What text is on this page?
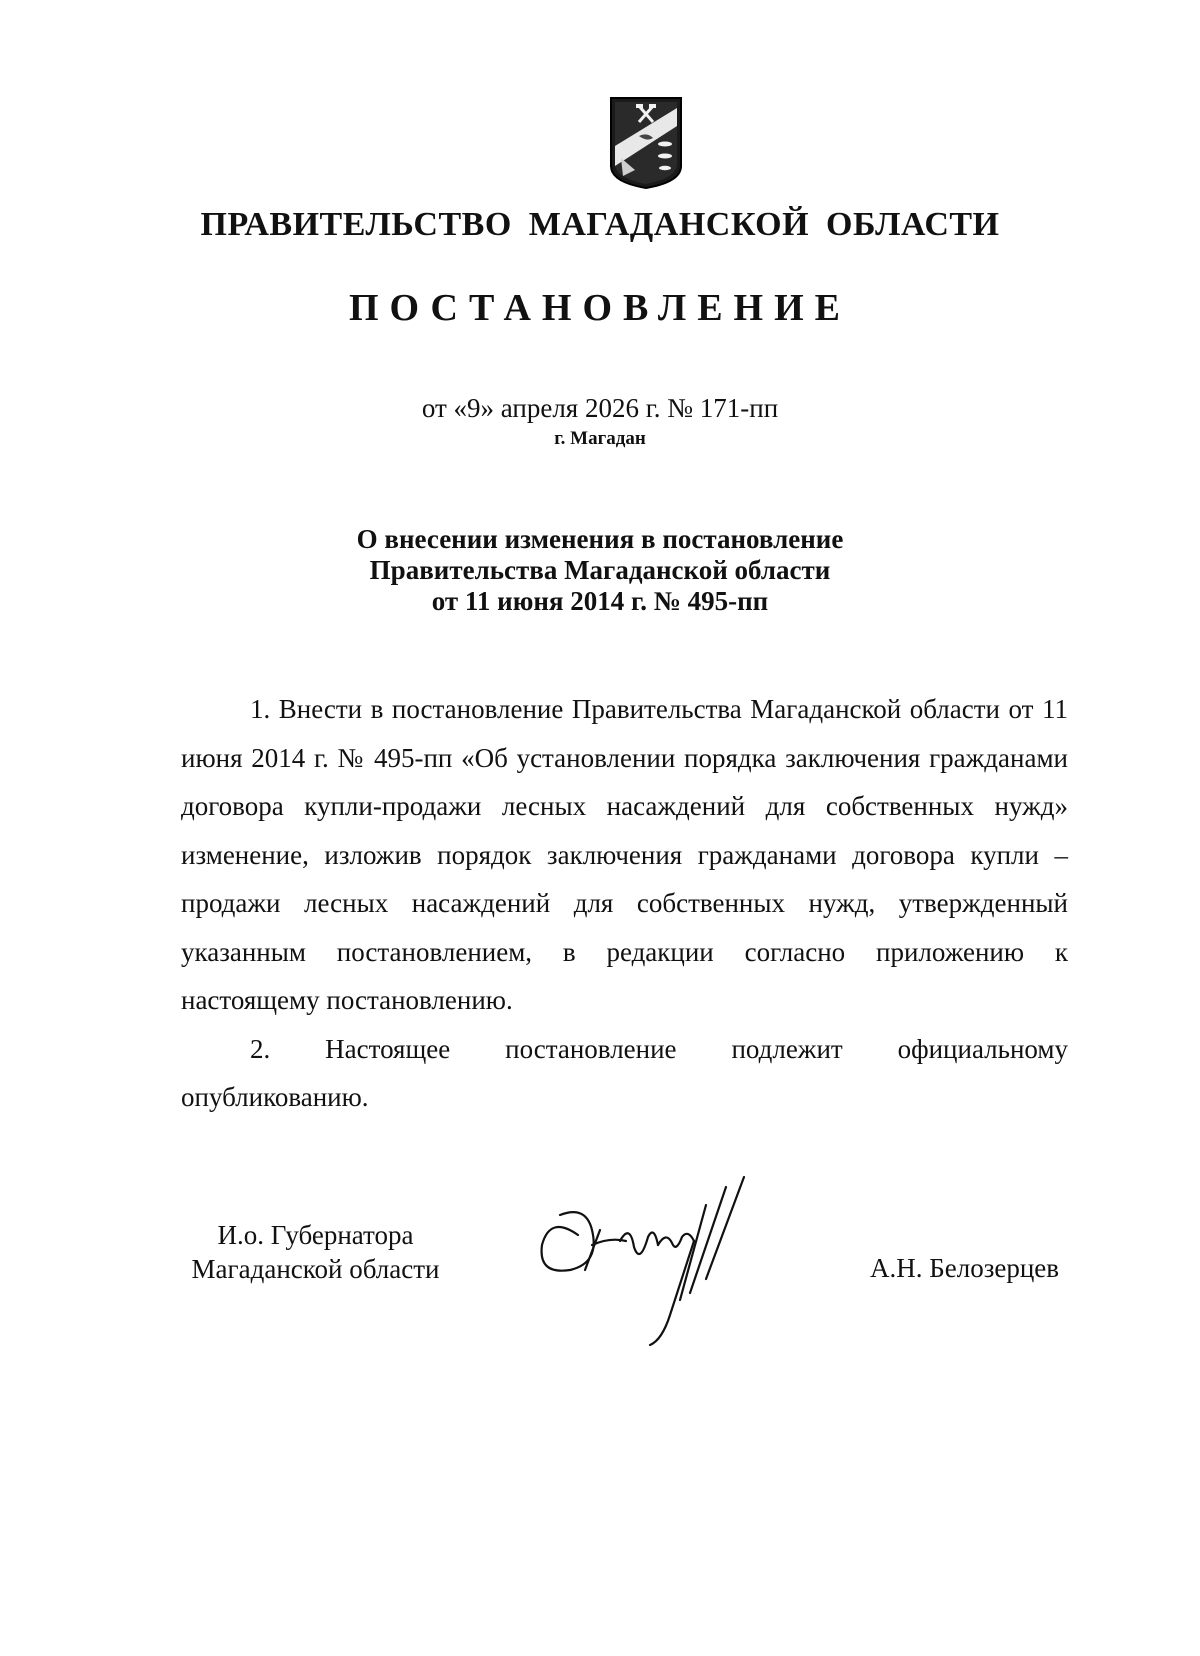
ПРАВИТЕЛЬСТВО МАГАДАНСКОЙ ОБЛАСТИ
ПОСТАНОВЛЕНИЕ
от «9» апреля 2026 г. № 171-пп
г. Магадан
О внесении изменения в постановление
Правительства Магаданской области
от 11 июня 2014 г. № 495-пп

1. Внести в постановление Правительства Магаданской области от 11 июня 2014 г. № 495-пп «Об установлении порядка заключения гражданами договора купли-продажи лесных насаждений для собственных нужд» изменение, изложив порядок заключения гражданами договора купли – продажи лесных насаждений для собственных нужд, утвержденный указанным постановлением, в редакции согласно приложению к настоящему постановлению.

2. Настоящее постановление подлежит официальному опубликованию.

И.о. Губернатора
Магаданской области	А.Н. Белозерцев
